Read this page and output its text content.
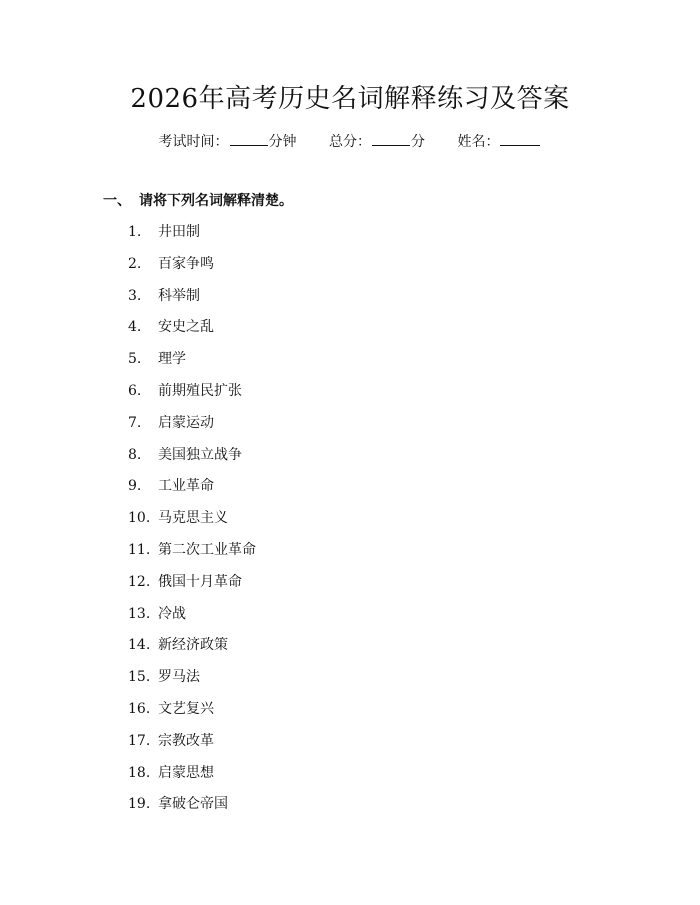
2026年高考历史名词解释练习及答案
考试时间：	分钟 总分：	分 姓名：
一、 请将下列名词解释清楚。
1. 井田制
2. 百家争鸣
3. 科举制
4. 安史之乱
5. 理学
6. 前期殖民扩张
7. 启蒙运动
8. 美国独立战争
9. 工业革命
10. 马克思主义
11. 第二次工业革命
12. 俄国十月革命
13. 冷战
14. 新经济政策
15. 罗马法
16. 文艺复兴
17. 宗教改革
18. 启蒙思想
19. 拿破仑帝国
